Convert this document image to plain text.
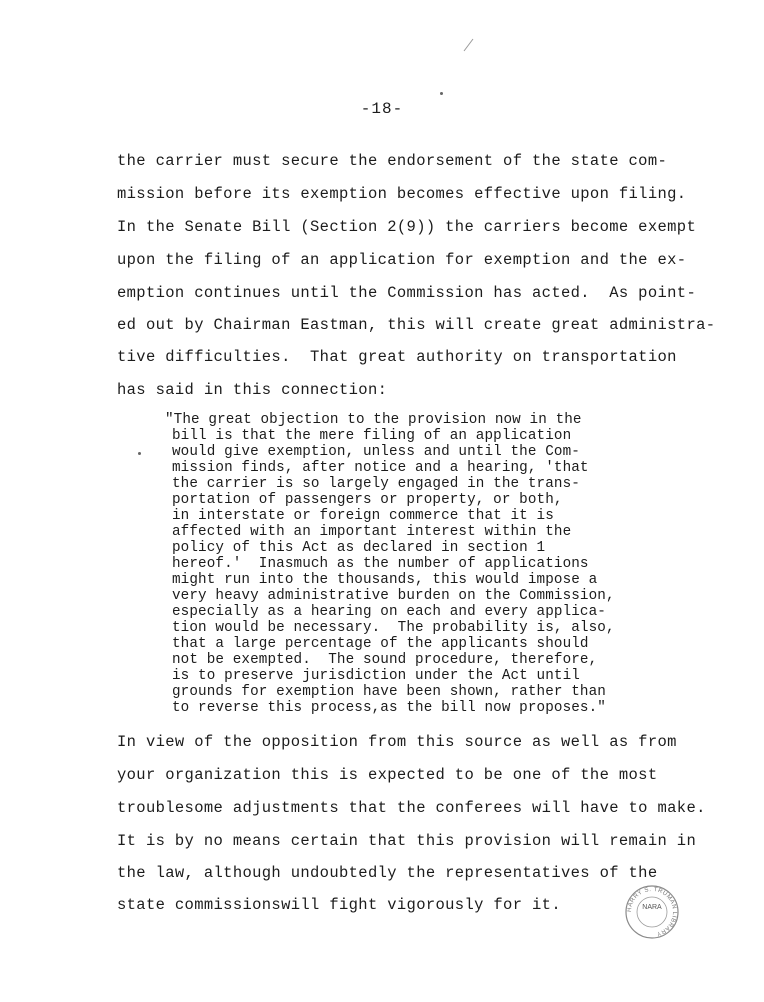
-18-
the carrier must secure the endorsement of the state com-
mission before its exemption becomes effective upon filing.
In the Senate Bill (Section 2(9)) the carriers become exempt
upon the filing of an application for exemption and the ex-
emption continues until the Commission has acted.  As point-
ed out by Chairman Eastman, this will create great administra-
tive difficulties.  That great authority on transportation
has said in this connection:
"The great objection to the provision now in the
bill is that the mere filing of an application
would give exemption, unless and until the Com-
mission finds, after notice and a hearing, 'that
the carrier is so largely engaged in the trans-
portation of passengers or property, or both,
in interstate or foreign commerce that it is
affected with an important interest within the
policy of this Act as declared in section 1
hereof.'  Inasmuch as the number of applications
might run into the thousands, this would impose a
very heavy administrative burden on the Commission,
especially as a hearing on each and every applica-
tion would be necessary.  The probability is, also,
that a large percentage of the applicants should
not be exempted.  The sound procedure, therefore,
is to preserve jurisdiction under the Act until
grounds for exemption have been shown, rather than
to reverse this process,as the bill now proposes."
In view of the opposition from this source as well as from
your organization this is expected to be one of the most
troublesome adjustments that the conferees will have to make.
It is by no means certain that this provision will remain in
the law, although undoubtedly the representatives of the
state commissionswill fight vigorously for it.	HARRY S. TRUMAN LIBRARY
NARA
